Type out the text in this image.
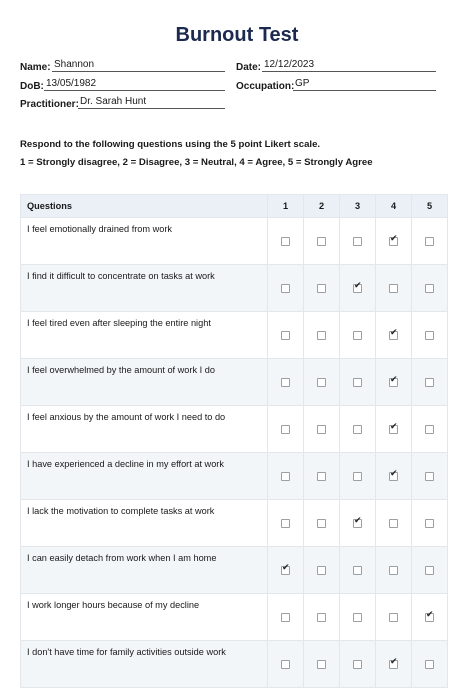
Burnout Test
Name: Shannon	Date: 12/12/2023
DoB: 13/05/1982	Occupation: GP
Practitioner: Dr. Sarah Hunt
Respond to the following questions using the 5 point Likert scale.
1 = Strongly disagree, 2 = Disagree, 3 = Neutral, 4 = Agree, 5 = Strongly Agree
Questions	1	2	3	4	5
I feel emotionally drained from work				✔	
I find it difficult to concentrate on tasks at work			✔		
I feel tired even after sleeping the entire night				✔	
I feel overwhelmed by the amount of work I do				✔	
I feel anxious by the amount of work I need to do				✔	
I have experienced a decline in my effort at work				✔	
I lack the motivation to complete tasks at work			✔		
I can easily detach from work when I am home	✔				
I work longer hours because of my decline					✔
I don't have time for family activities outside work				✔	
